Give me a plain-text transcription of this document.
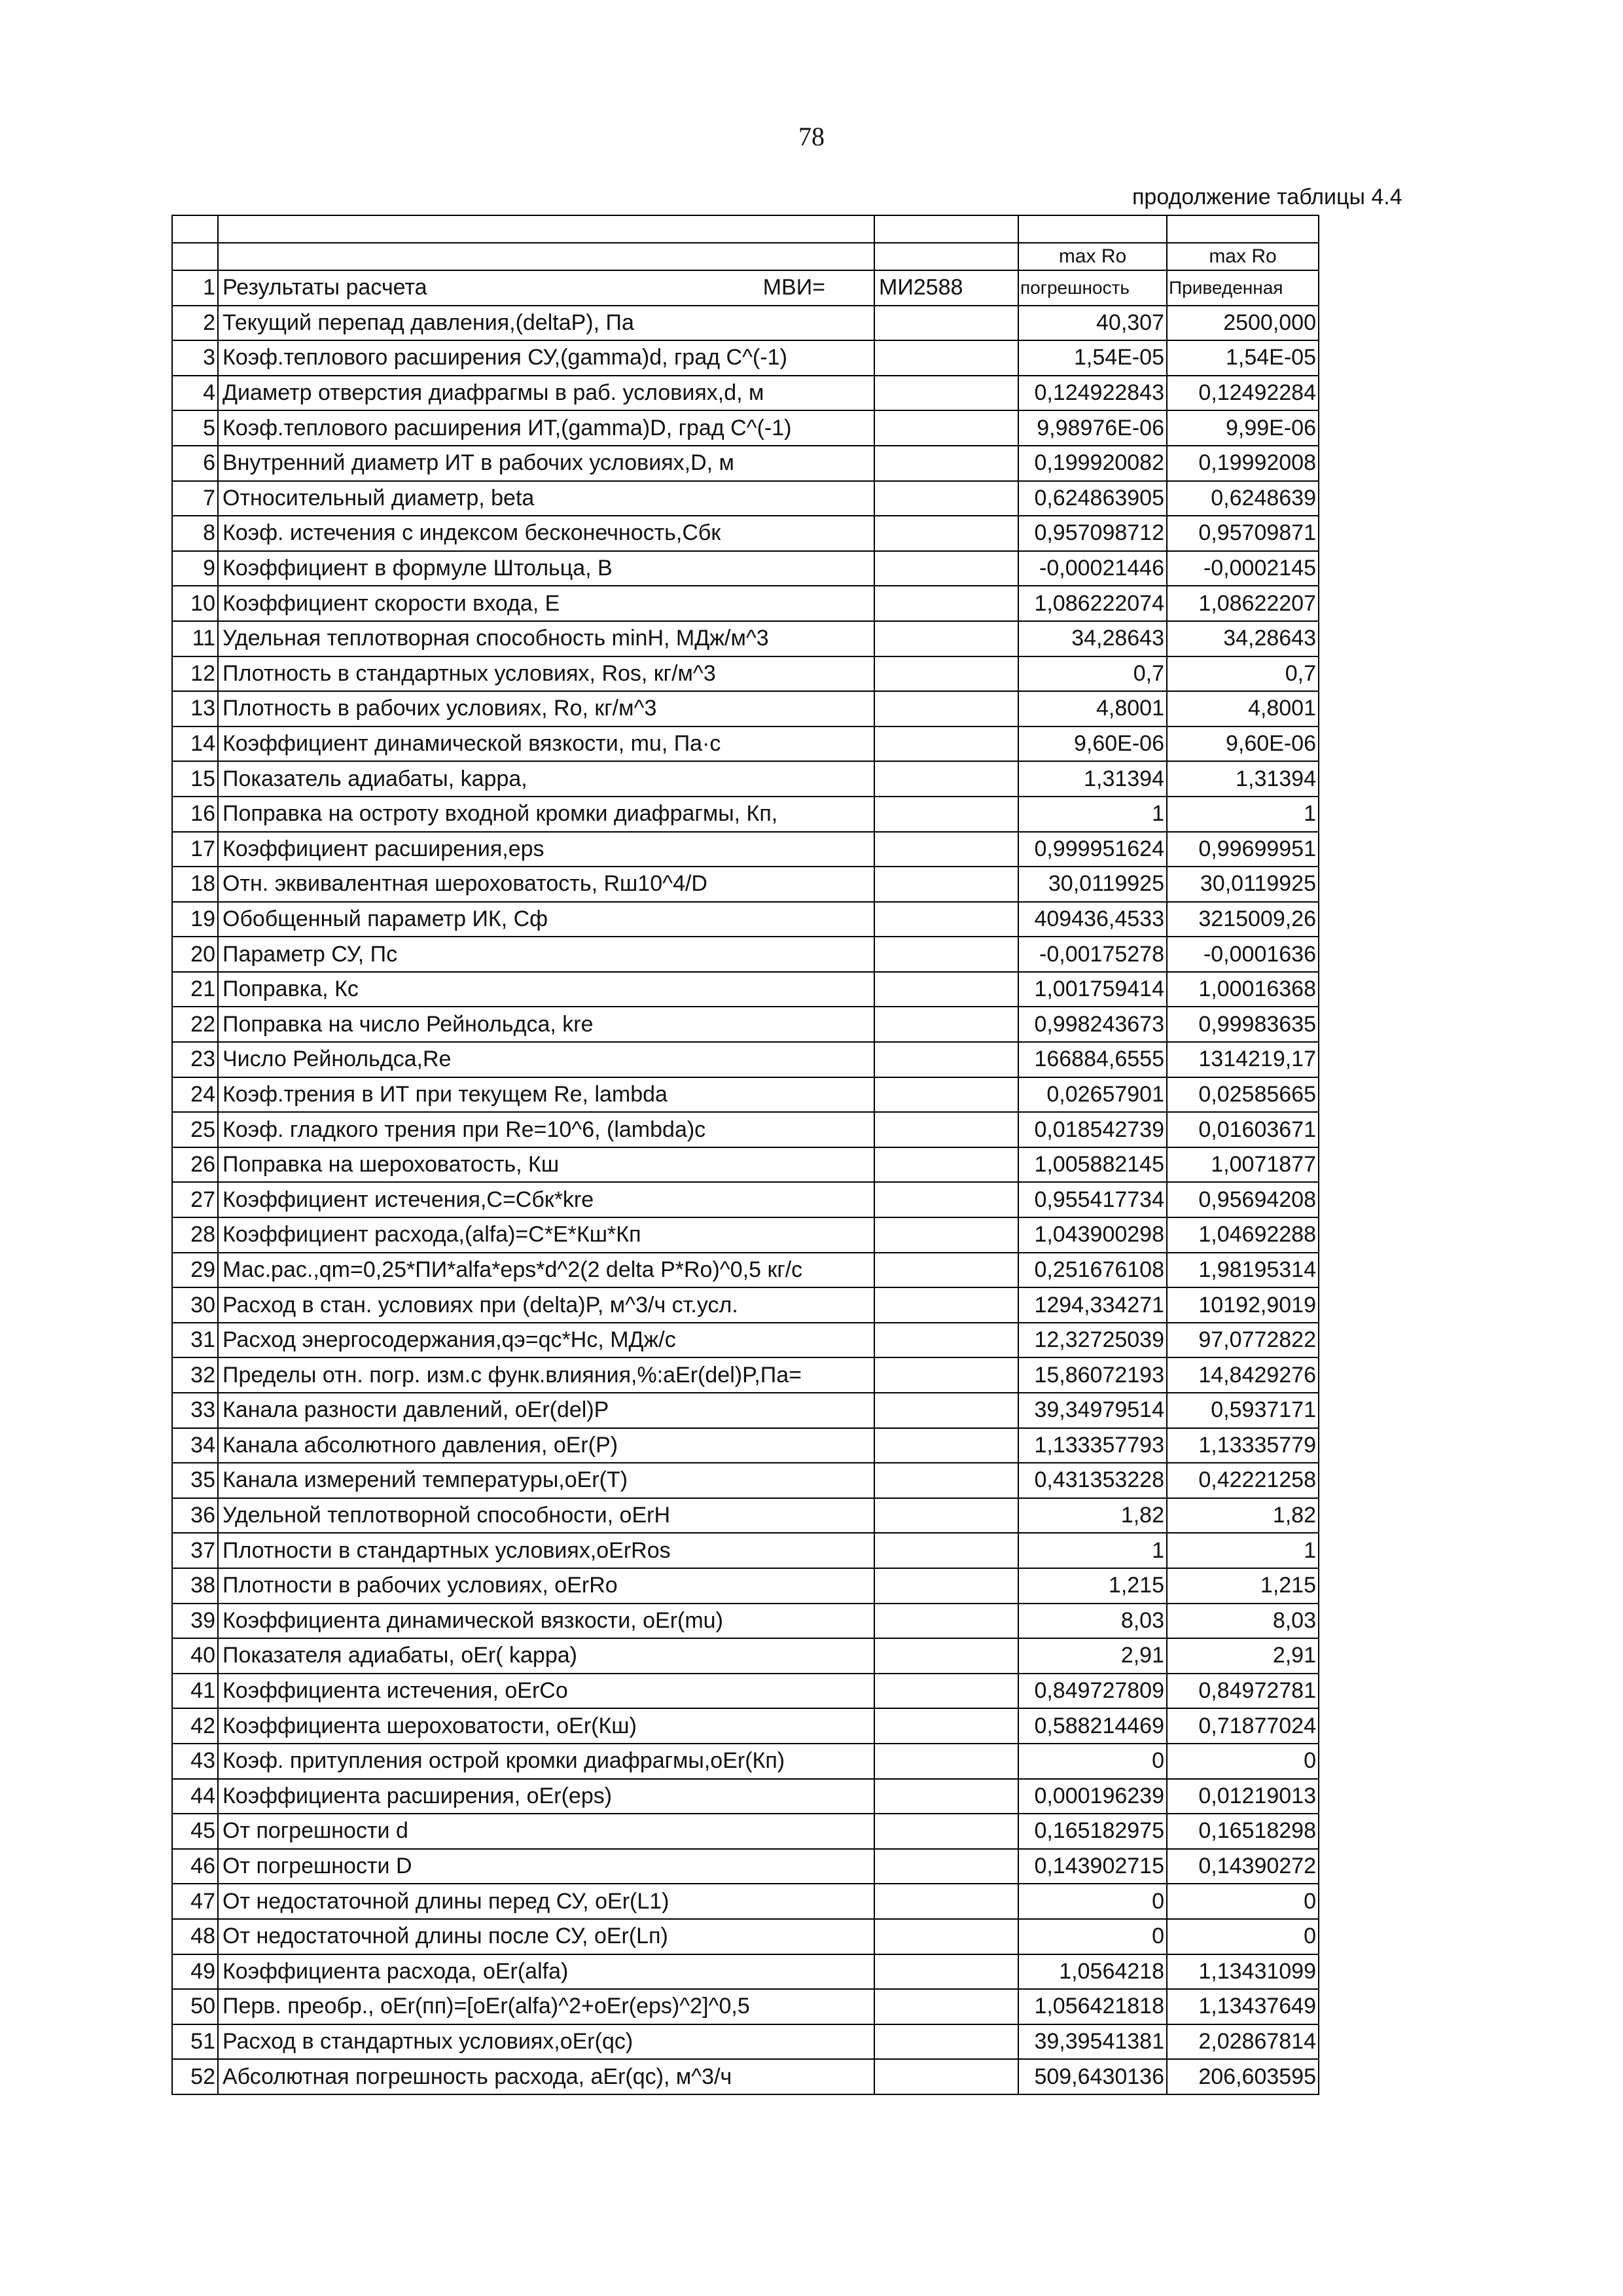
78
продолжение таблицы 4.4

			max Ro	max Ro
1	Результаты расчета МВИ=	МИ2588	погрешность	Приведенная
2	Текущий перепад давления,(deltaP), Па		40,307	2500,000
3	Коэф.теплового расширения СУ,(gamma)d, град С^(-1)		1,54E-05	1,54E-05
4	Диаметр отверстия диафрагмы в раб. условиях,d, м		0,124922843	0,12492284
5	Коэф.теплового расширения ИТ,(gamma)D, град С^(-1)		9,98976E-06	9,99E-06
6	Внутренний диаметр ИТ в рабочих условиях,D, м		0,199920082	0,19992008
7	Относительный диаметр, beta		0,624863905	0,6248639
8	Коэф. истечения с индексом бесконечность,Сбк		0,957098712	0,95709871
9	Коэффициент в формуле Штольца, В		-0,00021446	-0,0002145
10	Коэффициент скорости входа, Е		1,086222074	1,08622207
11	Удельная теплотворная способность minH, МДж/м^3		34,28643	34,28643
12	Плотность в стандартных условиях, Ros, кг/м^3		0,7	0,7
13	Плотность в рабочих условиях, Ro, кг/м^3		4,8001	4,8001
14	Коэффициент динамической вязкости, mu, Па·с		9,60E-06	9,60E-06
15	Показатель адиабаты, kappa,		1,31394	1,31394
16	Поправка на остроту входной кромки диафрагмы, Кп,		1	1
17	Коэффициент расширения,eps		0,999951624	0,99699951
18	Отн. эквивалентная шероховатость, Rш10^4/D		30,0119925	30,0119925
19	Обобщенный параметр ИК, Сф		409436,4533	3215009,26
20	Параметр СУ, Пс		-0,00175278	-0,0001636
21	Поправка, Кс		1,001759414	1,00016368
22	Поправка на число Рейнольдса, kre		0,998243673	0,99983635
23	Число Рейнольдса,Re		166884,6555	1314219,17
24	Коэф.трения в ИТ при текущем Re, lambda		0,02657901	0,02585665
25	Коэф. гладкого трения при Re=10^6, (lambda)c		0,018542739	0,01603671
26	Поправка на шероховатость, Кш		1,005882145	1,0071877
27	Коэффициент истечения,С=Сбк*kre		0,955417734	0,95694208
28	Коэффициент расхода,(alfa)=С*Е*Кш*Кп		1,043900298	1,04692288
29	Мас.рас.,qm=0,25*ПИ*alfa*eps*d^2(2 delta P*Ro)^0,5 кг/с		0,251676108	1,98195314
30	Расход в стан. условиях при (delta)P, м^3/ч ст.усл.		1294,334271	10192,9019
31	Расход энергосодержания,qэ=qc*Нс, МДж/с		12,32725039	97,0772822
32	Пределы отн. погр. изм.с функ.влияния,%:aEr(del)P,Па=		15,86072193	14,8429276
33	Канала разности давлений, oEr(del)P		39,34979514	0,5937171
34	Канала абсолютного давления, oEr(P)		1,133357793	1,13335779
35	Канала измерений температуры,oEr(T)		0,431353228	0,42221258
36	Удельной теплотворной способности, oErH		1,82	1,82
37	Плотности в стандартных условиях,oErRos		1	1
38	Плотности в рабочих условиях, oErRo		1,215	1,215
39	Коэффициента динамической вязкости, oEr(mu)		8,03	8,03
40	Показателя адиабаты, oEr( kappa)		2,91	2,91
41	Коэффициента истечения, oErCo		0,849727809	0,84972781
42	Коэффициента шероховатости, oEr(Кш)		0,588214469	0,71877024
43	Коэф. притупления острой кромки диафрагмы,oEr(Кп)		0	0
44	Коэффициента расширения, oEr(eps)		0,000196239	0,01219013
45	От погрешности d		0,165182975	0,16518298
46	От погрешности D		0,143902715	0,14390272
47	От недостаточной длины перед СУ, oEr(L1)		0	0
48	От недостаточной длины после СУ, oEr(Lп)		0	0
49	Коэффициента расхода, oEr(alfa)		1,0564218	1,13431099
50	Перв. преобр., oEr(пп)=[oEr(alfa)^2+oEr(eps)^2]^0,5		1,056421818	1,13437649
51	Расход в стандартных условиях,oEr(qc)		39,39541381	2,02867814
52	Абсолютная погрешность расхода, aEr(qc), м^3/ч		509,6430136	206,603595
